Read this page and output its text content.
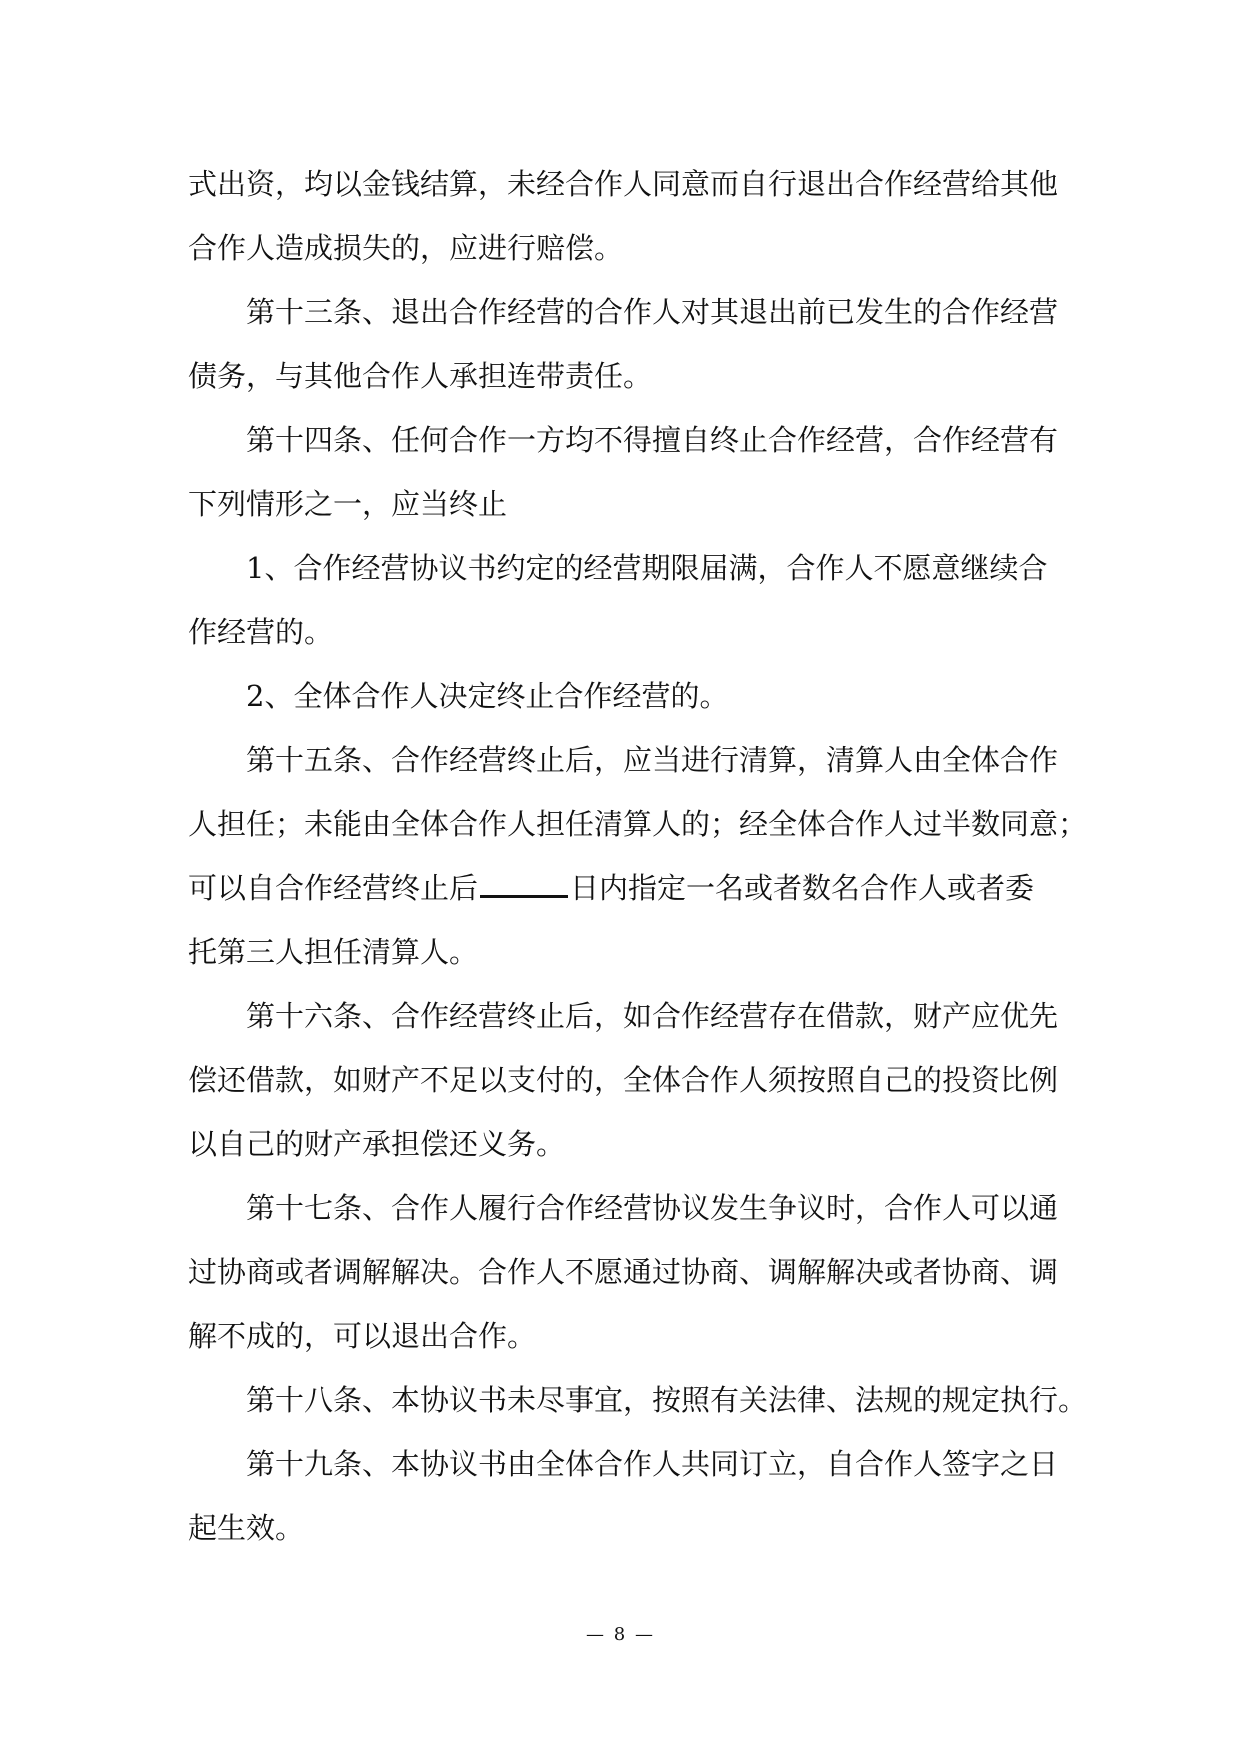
式出资，均以金钱结算，未经合作人同意而自行退出合作经营给其他
合作人造成损失的，应进行赔偿。
第十三条、退出合作经营的合作人对其退出前已发生的合作经营
债务，与其他合作人承担连带责任。
第十四条、任何合作一方均不得擅自终止合作经营，合作经营有
下列情形之一，应当终止
1、合作经营协议书约定的经营期限届满，合作人不愿意继续合
作经营的。
2、全体合作人决定终止合作经营的。
第十五条、合作经营终止后，应当进行清算，清算人由全体合作
人担任；未能由全体合作人担任清算人的；经全体合作人过半数同意；
可以自合作经营终止后	日内指定一名或者数名合作人或者委
托第三人担任清算人。
第十六条、合作经营终止后，如合作经营存在借款，财产应优先
偿还借款，如财产不足以支付的，全体合作人须按照自己的投资比例
以自己的财产承担偿还义务。
第十七条、合作人履行合作经营协议发生争议时，合作人可以通
过协商或者调解解决。合作人不愿通过协商、调解解决或者协商、调
解不成的，可以退出合作。
第十八条、本协议书未尽事宜，按照有关法律、法规的规定执行。
第十九条、本协议书由全体合作人共同订立，自合作人签字之日
起生效。
— 8 —
